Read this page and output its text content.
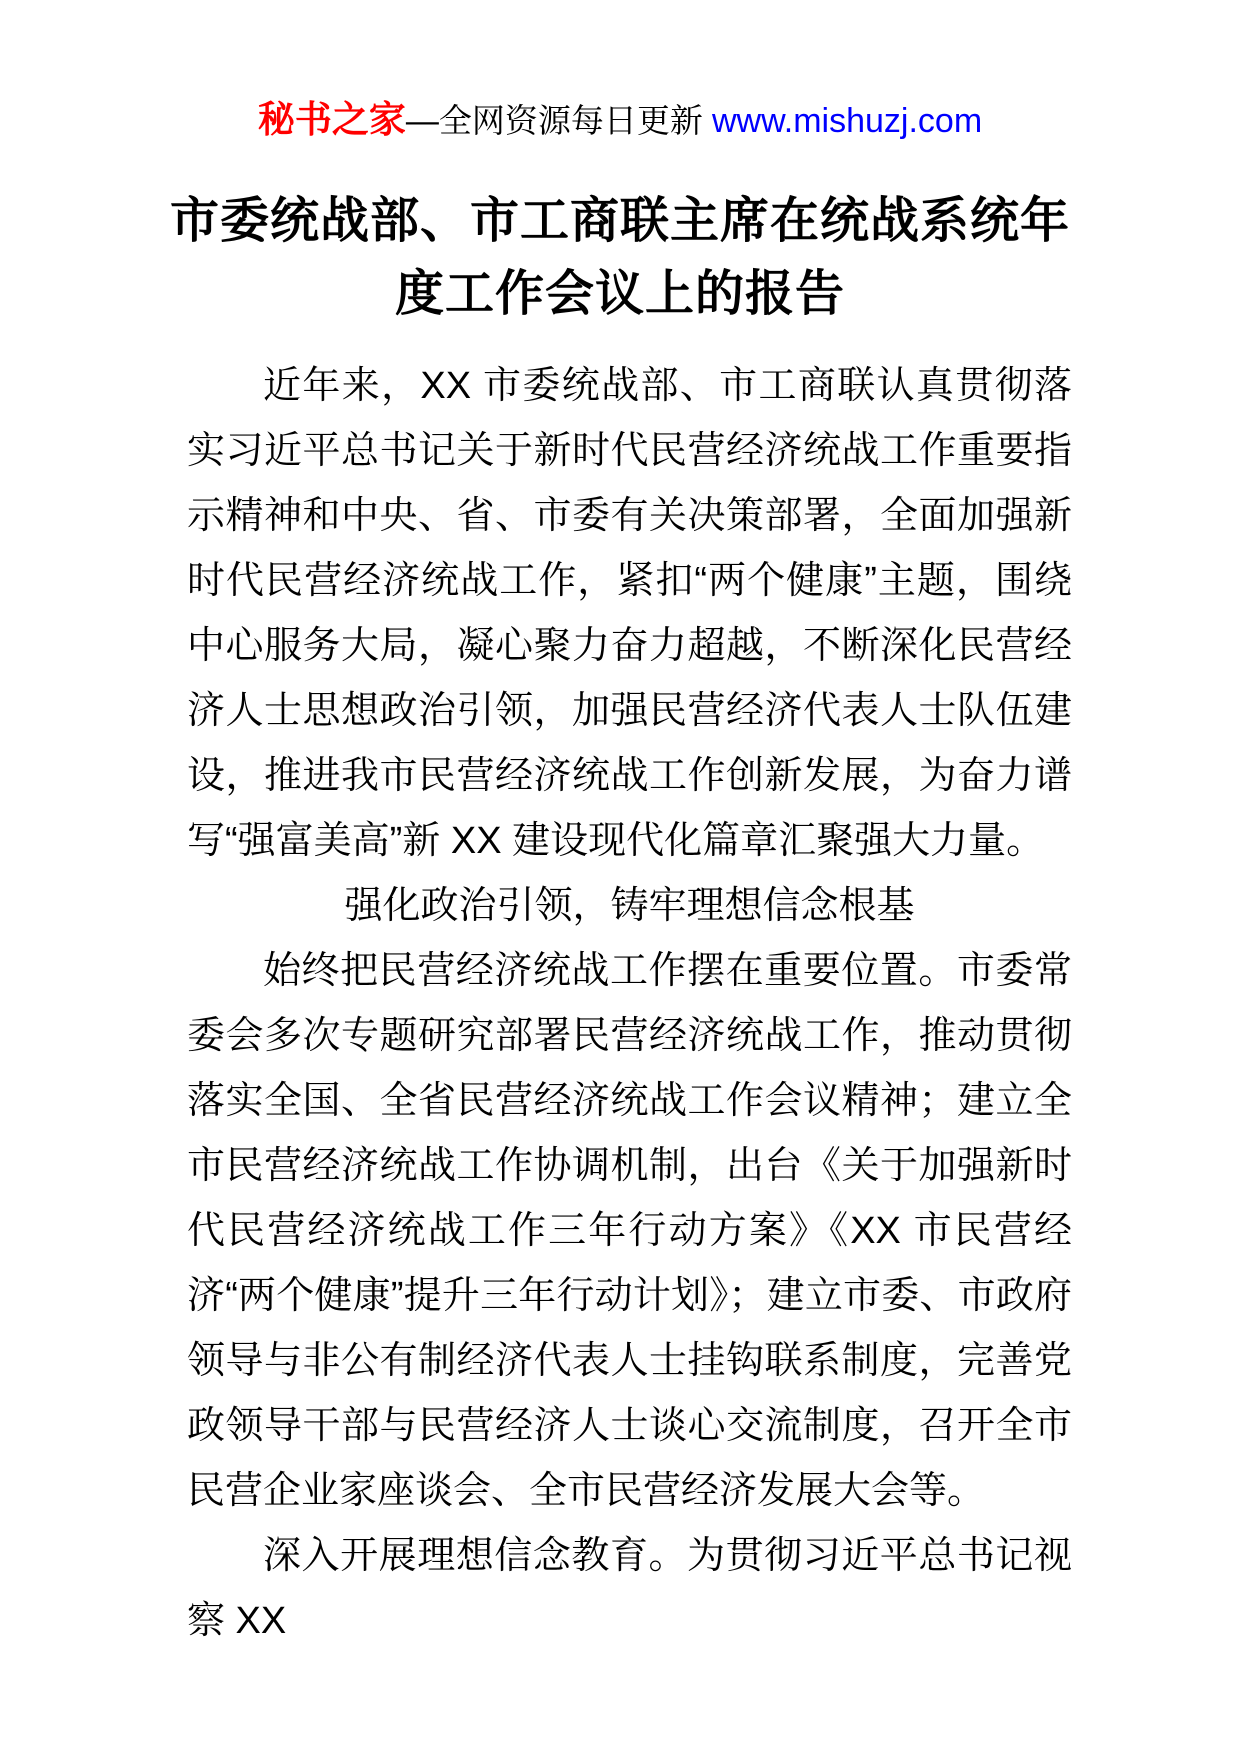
秘书之家—全网资源每日更新 www.mishuzj.com
市委统战部、市工商联主席在统战系统年度工作会议上的报告

近年来，XX 市委统战部、市工商联认真贯彻落实习近平总书记关于新时代民营经济统战工作重要指示精神和中央、省、市委有关决策部署，全面加强新时代民营经济统战工作，紧扣“两个健康”主题，围绕中心服务大局，凝心聚力奋力超越，不断深化民营经济人士思想政治引领，加强民营经济代表人士队伍建设，推进我市民营经济统战工作创新发展，为奋力谱写“强富美高”新 XX 建设现代化篇章汇聚强大力量。

强化政治引领，铸牢理想信念根基

始终把民营经济统战工作摆在重要位置。市委常委会多次专题研究部署民营经济统战工作，推动贯彻落实全国、全省民营经济统战工作会议精神；建立全市民营经济统战工作协调机制，出台《关于加强新时代民营经济统战工作三年行动方案》《XX 市民营经济“两个健康”提升三年行动计划》；建立市委、市政府领导与非公有制经济代表人士挂钩联系制度，完善党政领导干部与民营经济人士谈心交流制度，召开全市民营企业家座谈会、全市民营经济发展大会等。

深入开展理想信念教育。为贯彻习近平总书记视察 XX
